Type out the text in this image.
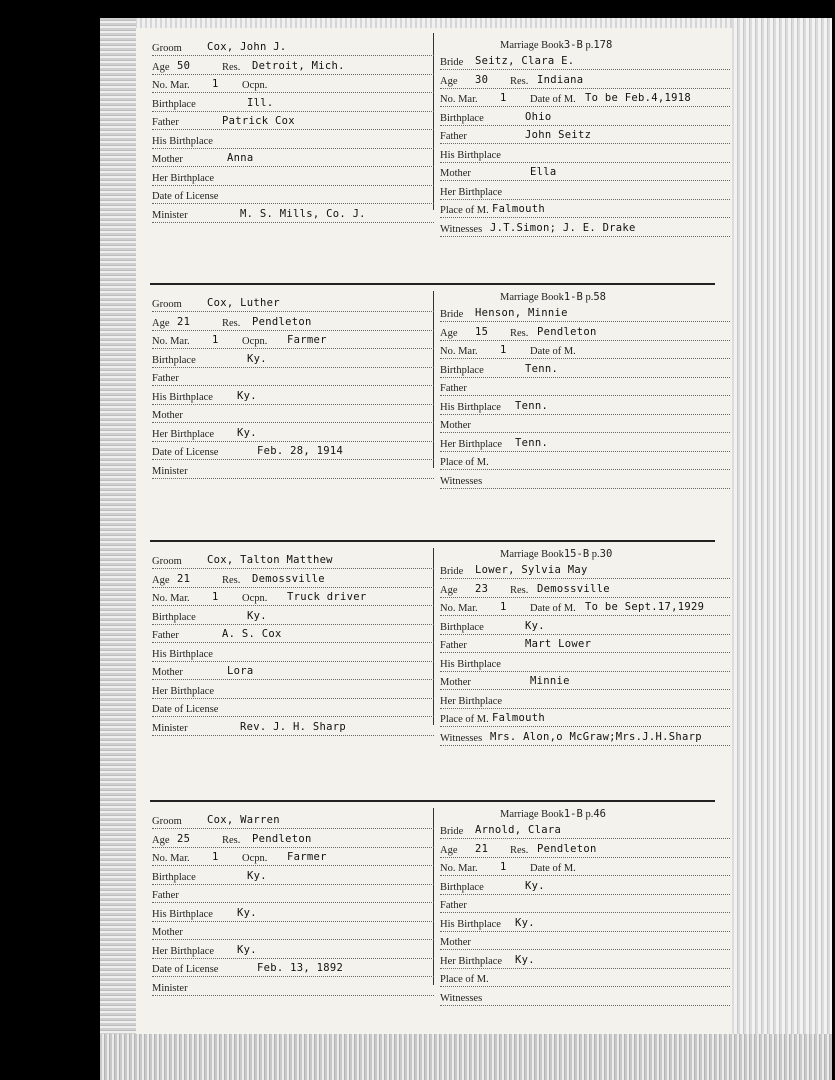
Groom Cox, John J.
Age 50	Res. Detroit, Mich.
No. Mar. 1 Ocpn.
Birthplace	Ill.
Father	Patrick Cox
His Birthplace
Mother	Anna
Her Birthplace
Date of License
Minister	M. S. Mills, Co. J.
Marriage Book3-B p.178
Bride Seitz, Clara E.
Age 30 Res. Indiana
No. Mar. 1 Date of M. To be Feb.4,1918
Birthplace	Ohio
Father	John Seitz
His Birthplace
Mother	Ella
Her Birthplace
Place of M. Falmouth
Witnesses J.T.Simon; J. E. Drake
Groom Cox, Luther
Age 21	Res. Pendleton
No. Mar. 1 Ocpn. Farmer
Birthplace	Ky.
Father
His Birthplace Ky.
Mother
Her Birthplace Ky.
Date of License	Feb. 28, 1914
Minister
Marriage Book1-B p.58
Bride Henson, Minnie
Age 15 Res. Pendleton
No. Mar. 1 Date of M.
Birthplace	Tenn.
Father
His Birthplace Tenn.
Mother
Her Birthplace Tenn.
Place of M.
Witnesses
Groom Cox, Talton Matthew
Age 21	Res. Demossville
No. Mar. 1 Ocpn. Truck driver
Birthplace	Ky.
Father	A. S. Cox
His Birthplace
Mother	Lora
Her Birthplace
Date of License
Minister	Rev. J. H. Sharp
Marriage Book15-B p.30
Bride Lower, Sylvia May
Age 23 Res. Demossville
No. Mar. 1 Date of M. To be Sept.17,1929
Birthplace	Ky.
Father	Mart Lower
His Birthplace
Mother	Minnie
Her Birthplace
Place of M. Falmouth
Witnesses Mrs. Alon,o McGraw;Mrs.J.H.Sharp
Groom Cox, Warren
Age 25	Res. Pendleton
No. Mar. 1 Ocpn. Farmer
Birthplace	Ky.
Father
His Birthplace Ky.
Mother
Her Birthplace Ky.
Date of License	Feb. 13, 1892
Minister
Marriage Book1-B p.46
Bride Arnold, Clara
Age 21 Res. Pendleton
No. Mar. 1 Date of M.
Birthplace	Ky.
Father
His Birthplace Ky.
Mother
Her Birthplace Ky.
Place of M.
Witnesses
